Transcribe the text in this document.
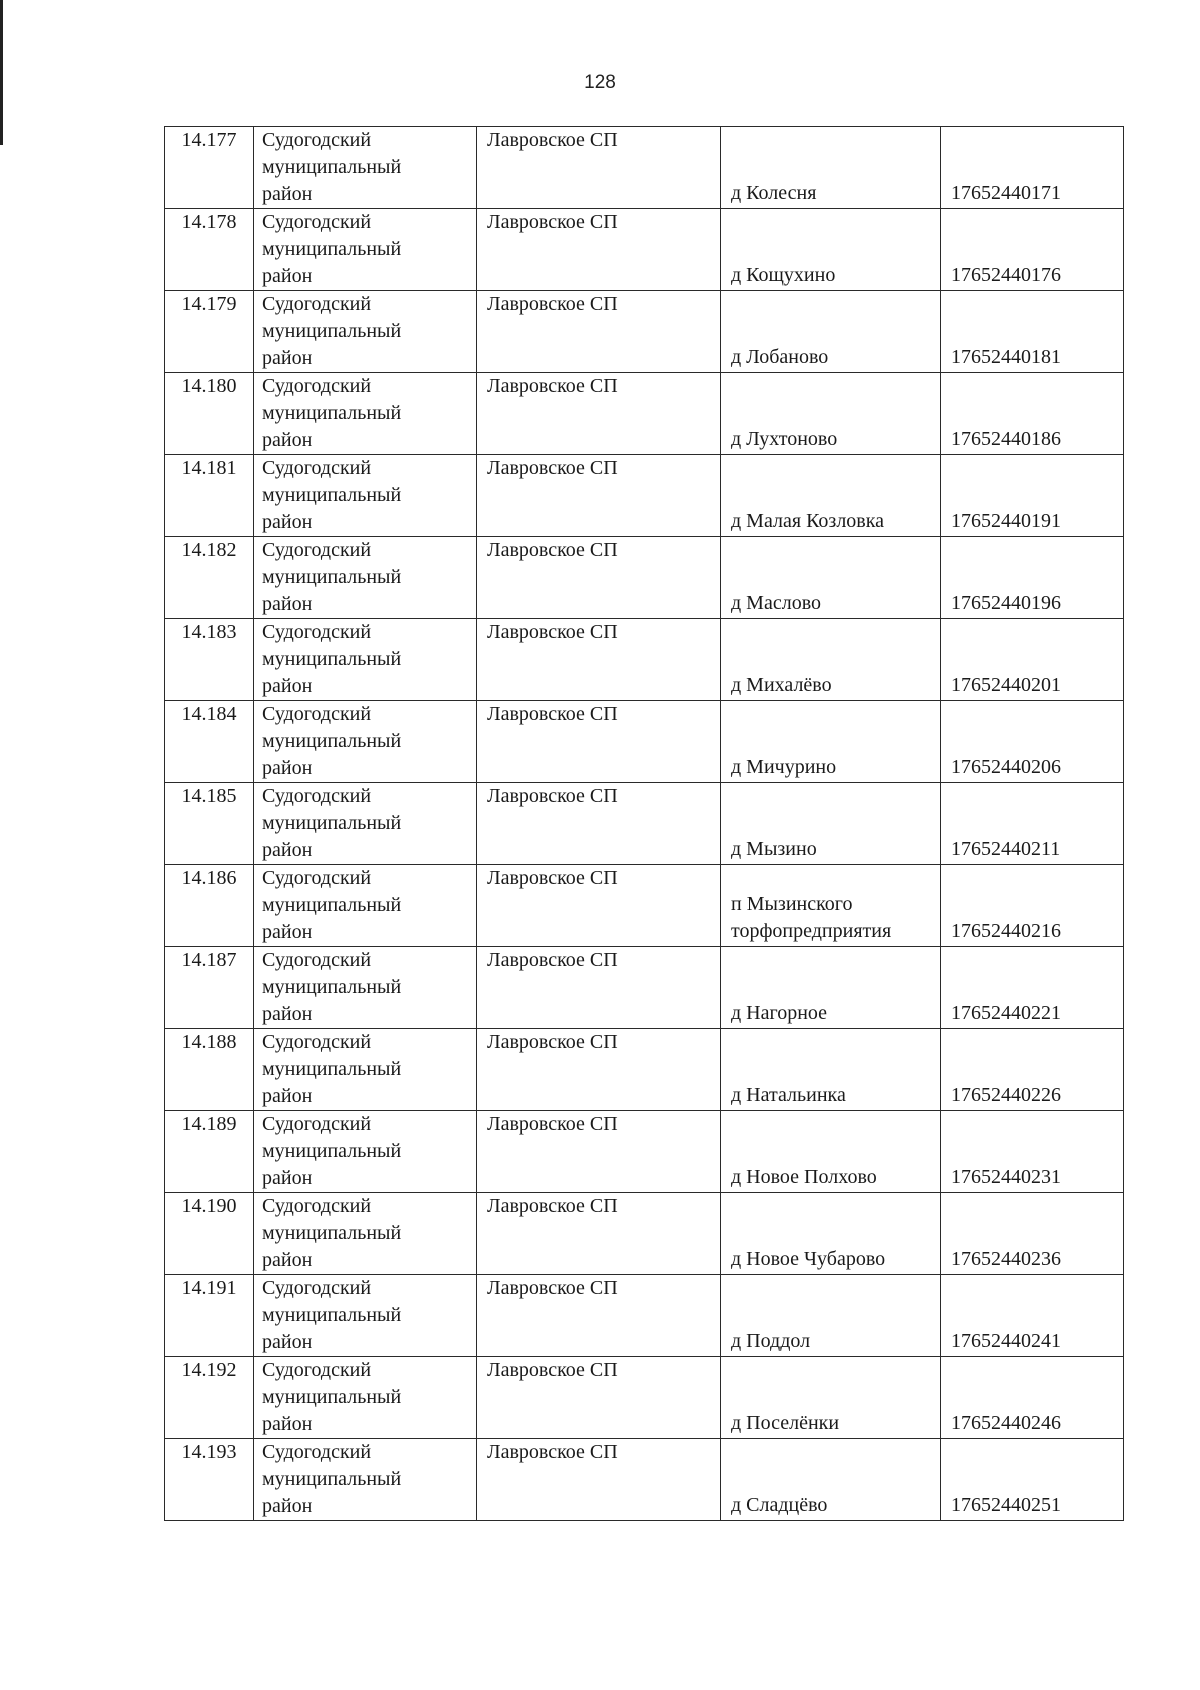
128
14.177	Судогодский
муниципальный
район	Лавровское СП	д Колесня	17652440171
14.178	Судогодский
муниципальный
район	Лавровское СП	д Кощухино	17652440176
14.179	Судогодский
муниципальный
район	Лавровское СП	д Лобаново	17652440181
14.180	Судогодский
муниципальный
район	Лавровское СП	д Лухтоново	17652440186
14.181	Судогодский
муниципальный
район	Лавровское СП	д Малая Козловка	17652440191
14.182	Судогодский
муниципальный
район	Лавровское СП	д Маслово	17652440196
14.183	Судогодский
муниципальный
район	Лавровское СП	д Михалёво	17652440201
14.184	Судогодский
муниципальный
район	Лавровское СП	д Мичурино	17652440206
14.185	Судогодский
муниципальный
район	Лавровское СП	д Мызино	17652440211
14.186	Судогодский
муниципальный
район	Лавровское СП	п Мызинского торфопредприятия	17652440216
14.187	Судогодский
муниципальный
район	Лавровское СП	д Нагорное	17652440221
14.188	Судогодский
муниципальный
район	Лавровское СП	д Натальинка	17652440226
14.189	Судогодский
муниципальный
район	Лавровское СП	д Новое Полхово	17652440231
14.190	Судогодский
муниципальный
район	Лавровское СП	д Новое Чубарово	17652440236
14.191	Судогодский
муниципальный
район	Лавровское СП	д Поддол	17652440241
14.192	Судогодский
муниципальный
район	Лавровское СП	д Поселёнки	17652440246
14.193	Судогодский
муниципальный
район	Лавровское СП	д Сладцёво	17652440251
